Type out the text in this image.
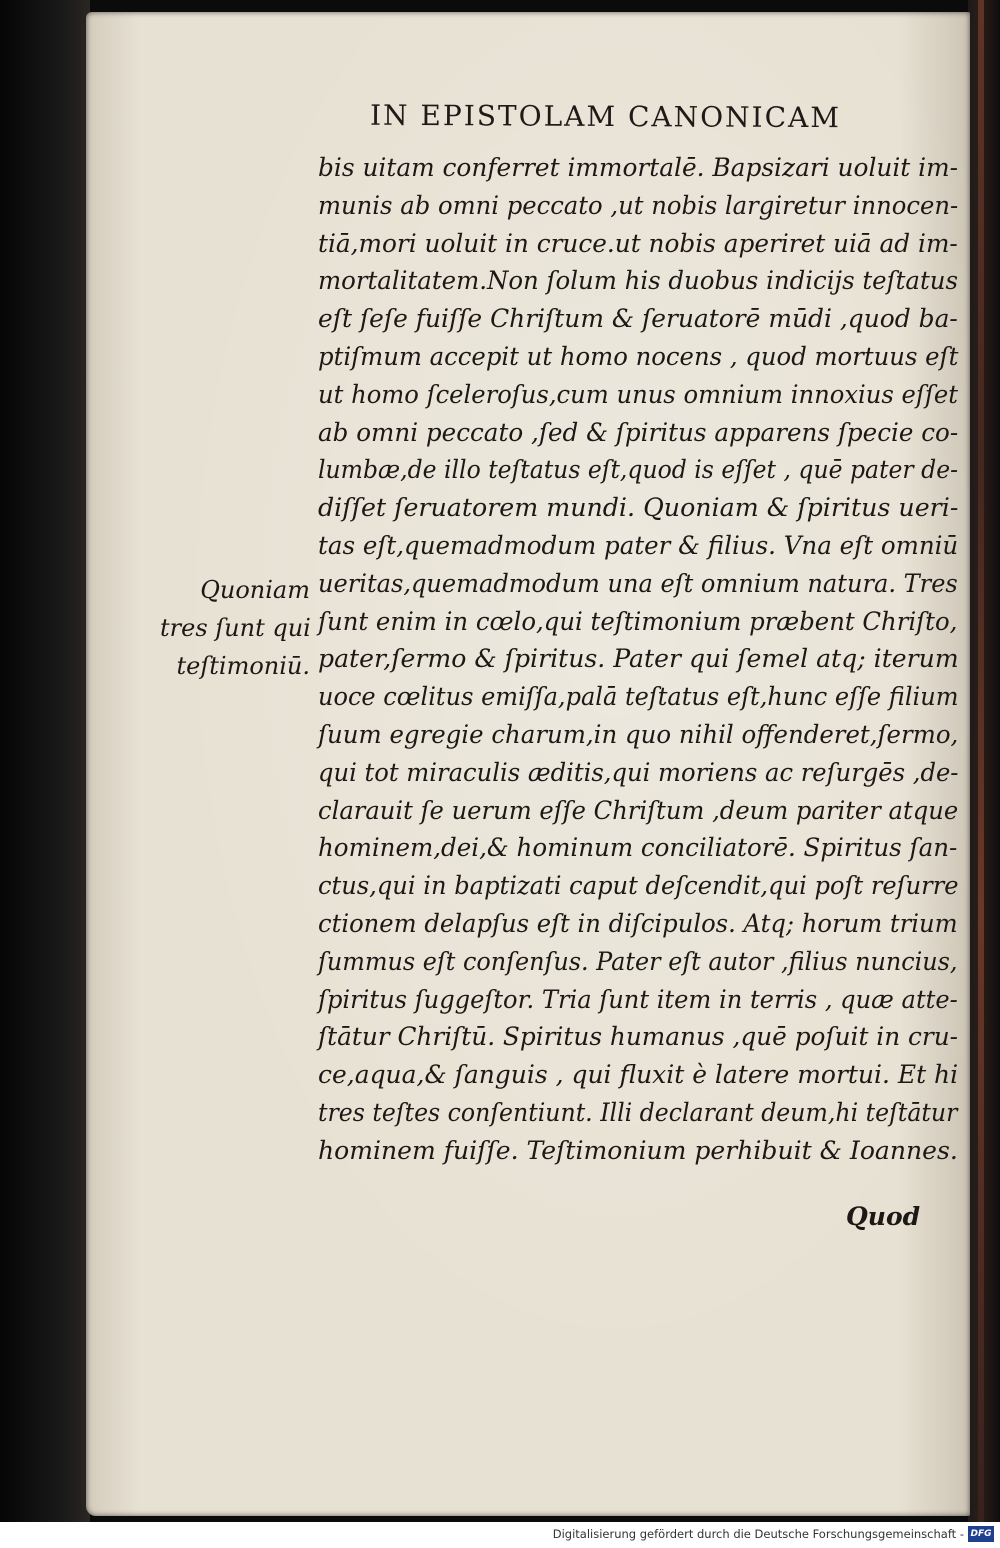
IN EPISTOLAM CANONICAM
bis uitam conferret immortalē. Bapsizari uoluit im-
munis ab omni peccato ,ut nobis largiretur innocen-
tiā,mori uoluit in cruce.ut nobis aperiret uiā ad im-
mortalitatem.Non ſolum his duobus indicijs teſtatus
eſt ſeſe fuiſſe Chriſtum & ſeruatorē mūdi ,quod ba-
ptiſmum accepit ut homo nocens , quod mortuus eſt
ut homo ſceleroſus,cum unus omnium innoxius eſſet
ab omni peccato ,ſed & ſpiritus apparens ſpecie co-
lumbæ,de illo teſtatus eſt,quod is eſſet , quē pater de-
diſſet ſeruatorem mundi. Quoniam & ſpiritus ueri-
tas eſt,quemadmodum pater & filius. Vna eſt omniū
ueritas,quemadmodum una eſt omnium natura. Tres
ſunt enim in cœlo,qui teſtimonium præbent Chriſto,
pater,ſermo & ſpiritus. Pater qui ſemel atq; iterum
uoce cœlitus emiſſa,palā teſtatus eſt,hunc eſſe filium
ſuum egregie charum,in quo nihil offenderet,ſermo,
qui tot miraculis æditis,qui moriens ac reſurgēs ,de-
clarauit ſe uerum eſſe Chriſtum ,deum pariter atque
hominem,dei,& hominum conciliatorē. Spiritus ſan-
ctus,qui in baptizati caput deſcendit,qui poſt reſurre
ctionem delapſus eſt in diſcipulos. Atq; horum trium
ſummus eſt conſenſus. Pater eſt autor ,filius nuncius,
ſpiritus ſuggeſtor. Tria ſunt item in terris , quæ atte-
ſtātur Chriſtū. Spiritus humanus ,quē poſuit in cru-
ce,aqua,& ſanguis , qui fluxit è latere mortui. Et hi
tres teſtes conſentiunt. Illi declarant deum,hi teſtātur
hominem fuiſſe. Teſtimonium perhibuit & Ioannes.
Quoniam
tres ſunt qui
teſtimoniū.
Quod
Digitalisierung gefördert durch die Deutsche Forschungsgemeinschaft - DFG
